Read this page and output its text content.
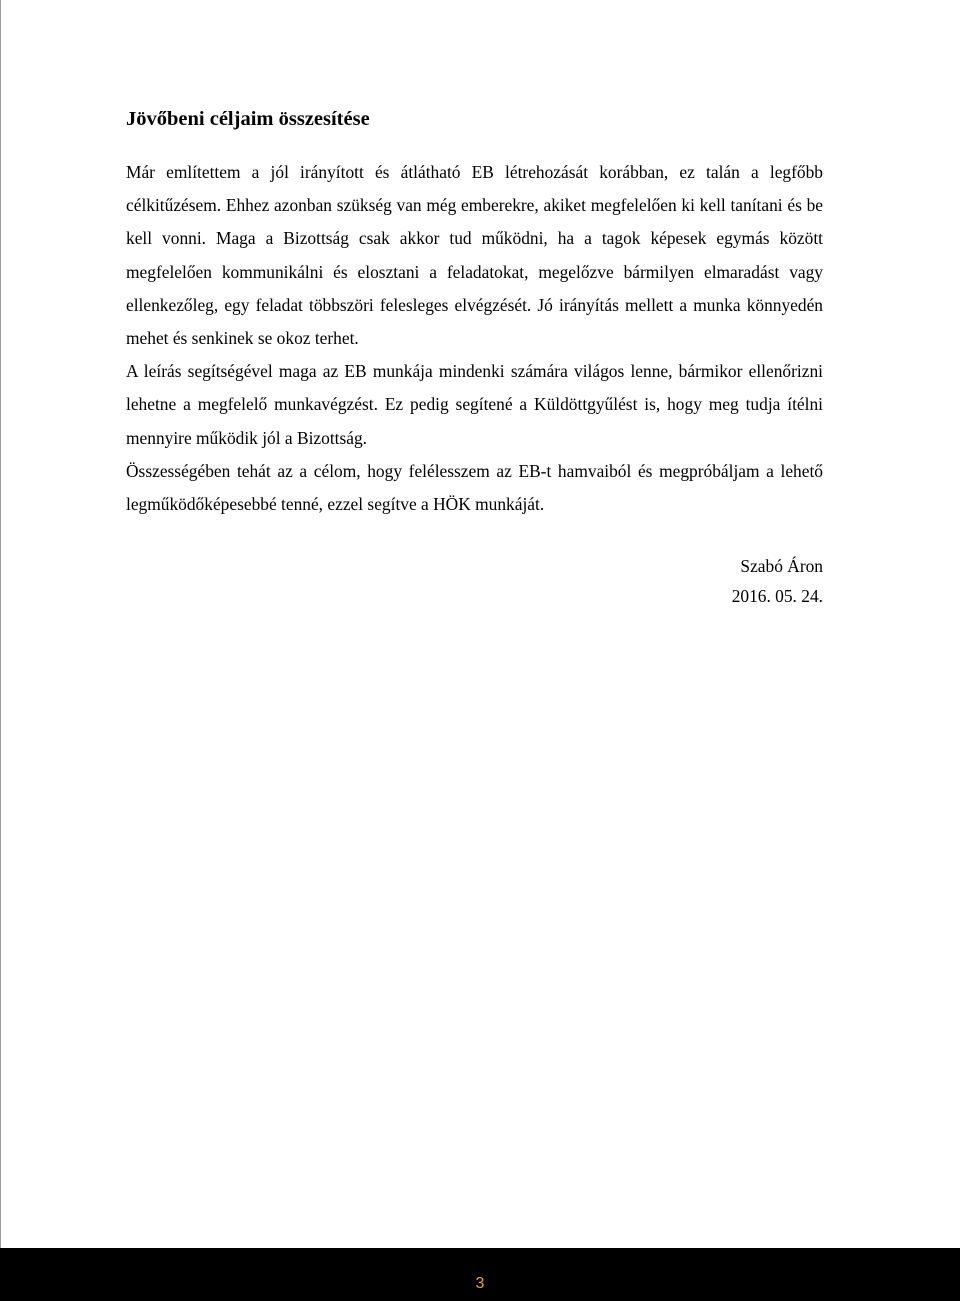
Jövőbeni céljaim összesítése

Már említettem a jól irányított és átlátható EB létrehozását korábban, ez talán a legfőbb célkitűzésem. Ehhez azonban szükség van még emberekre, akiket megfelelően ki kell tanítani és be kell vonni. Maga a Bizottság csak akkor tud működni, ha a tagok képesek egymás között megfelelően kommunikálni és elosztani a feladatokat, megelőzve bármilyen elmaradást vagy ellenkezőleg, egy feladat többszöri felesleges elvégzését. Jó irányítás mellett a munka könnyedén mehet és senkinek se okoz terhet.

A leírás segítségével maga az EB munkája mindenki számára világos lenne, bármikor ellenőrizni lehetne a megfelelő munkavégzést. Ez pedig segítené a Küldöttgyűlést is, hogy meg tudja ítélni mennyire működik jól a Bizottság.

Összességében tehát az a célom, hogy felélesszem az EB-t hamvaiból és megpróbáljam a lehető legműködőképesebbé tenné, ezzel segítve a HÖK munkáját.

Szabó Áron
2016. 05. 24.
3
